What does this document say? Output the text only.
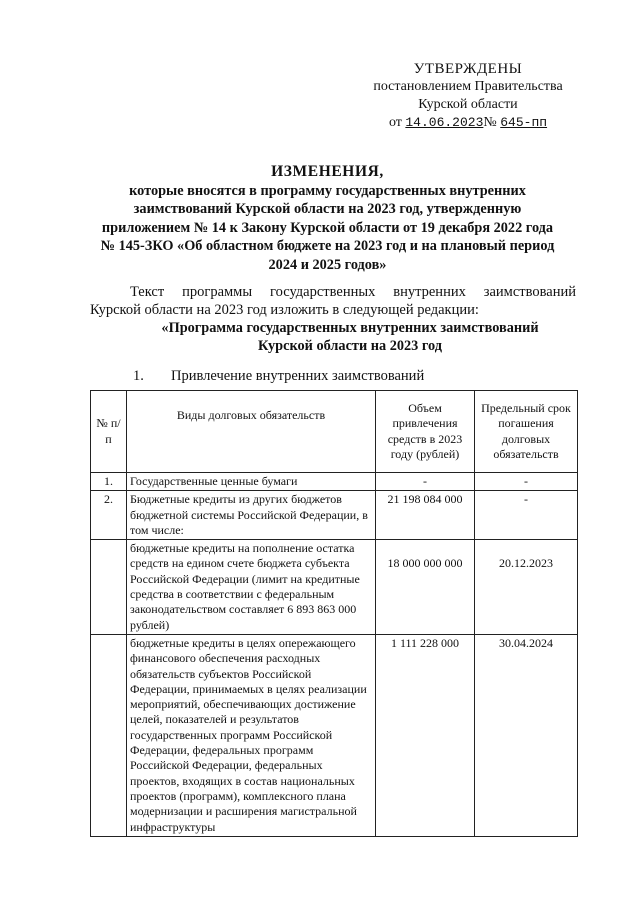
УТВЕРЖДЕНЫ
постановлением Правительства
Курской области
от 14.06.2023№ 645-пп
ИЗМЕНЕНИЯ,
которые вносятся в программу государственных внутренних
заимствований Курской области на 2023 год, утвержденную
приложением № 14 к Закону Курской области от 19 декабря 2022 года
№ 145-ЗКО «Об областном бюджете на 2023 год и на плановый период
2024 и 2025 годов»
Текст программы государственных внутренних заимствований
Курской области на 2023 год изложить в следующей редакции:
«Программа государственных внутренних заимствований
Курской области на 2023 год
1. Привлечение внутренних заимствований
№ п/п	Виды долговых обязательств	Объем привлечения средств в 2023 году (рублей)	Предельный срок погашения долговых обязательств
1.	Государственные ценные бумаги	-	-
2.	Бюджетные кредиты из других бюджетов бюджетной системы Российской Федерации, в том числе:	21 198 084 000	-
	бюджетные кредиты на пополнение остатка средств на едином счете бюджета субъекта Российской Федерации (лимит на кредитные средства в соответствии с федеральным законодательством составляет 6 893 863 000 рублей)	18 000 000 000	20.12.2023
	бюджетные кредиты в целях опережающего финансового обеспечения расходных обязательств субъектов Российской Федерации, принимаемых в целях реализации мероприятий, обеспечивающих достижение целей, показателей и результатов государственных программ Российской Федерации, федеральных программ Российской Федерации, федеральных проектов, входящих в состав национальных проектов (программ), комплексного плана модернизации и расширения магистральной инфраструктуры	1 111 228 000	30.04.2024
